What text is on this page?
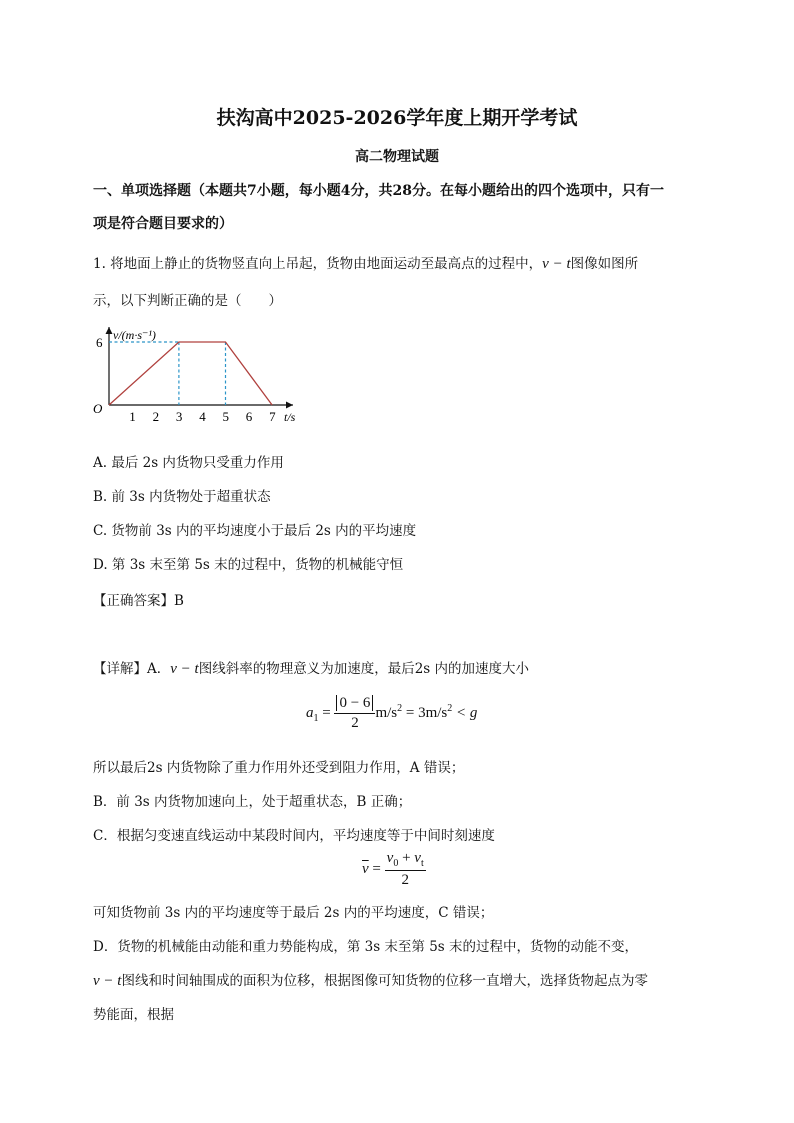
扶沟高中2025-2026学年度上期开学考试
高二物理试题
一、单项选择题（本题共7小题，每小题4分，共28分。在每小题给出的四个选项中，只有一
项是符合题目要求的）
1. 将地面上静止的货物竖直向上吊起，货物由地面运动至最高点的过程中，v − t图像如图所
示，以下判断正确的是（　　）
v/(m·s⁻¹)
t/s
O
1 2 3 4 5 6 7
6
A. 最后 2s 内货物只受重力作用
B. 前 3s 内货物处于超重状态
C. 货物前 3s 内的平均速度小于最后 2s 内的平均速度
D. 第 3s 末至第 5s 末的过程中，货物的机械能守恒
【正确答案】B
【详解】A．v − t图线斜率的物理意义为加速度，最后2s 内的加速度大小
$a_1 = \frac{0 - 6}{2} m/s^2 = 3m/s^2 < g$
所以最后2s 内货物除了重力作用外还受到阻力作用，A 错误；
B．前 3s 内货物加速向上，处于超重状态，B 正确；
C．根据匀变速直线运动中某段时间内，平均速度等于中间时刻速度
$\overline{v} = \frac{v_0 + v_t}{2}$
可知货物前 3s 内的平均速度等于最后 2s 内的平均速度，C 错误；
D．货物的机械能由动能和重力势能构成，第 3s 末至第 5s 末的过程中，货物的动能不变，
v − t图线和时间轴围成的面积为位移，根据图像可知货物的位移一直增大，选择货物起点为零
势能面，根据
